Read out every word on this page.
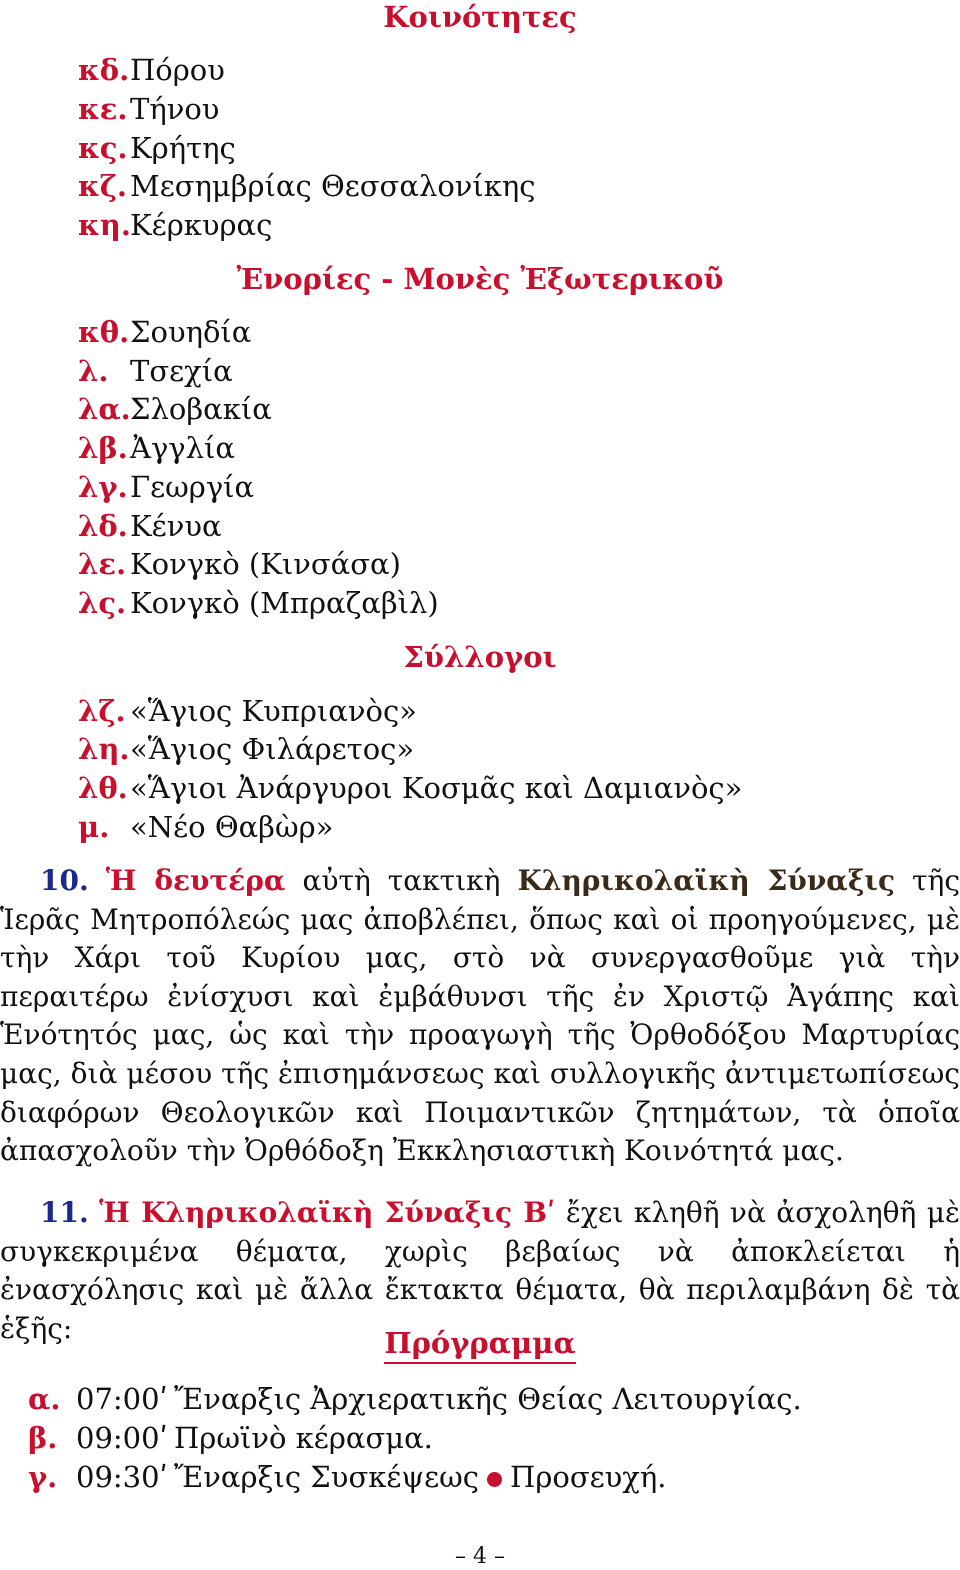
Κοινότητες
κδ.Πόρου
κε.Τήνου
κς.Κρήτης
κζ. Μεσημβρίας Θεσσαλονίκης
κη.Κέρκυρας
Ἐνορίες - Μονὲς Ἐξωτερικοῦ
κθ.Σουηδία
λ. Τσεχία
λα.Σλοβακία
λβ.Ἀγγλία
λγ.Γεωργία
λδ.Κένυα
λε. Κονγκὸ (Κινσάσα)
λς. Κονγκὸ (Μπραζαβὶλ)
Σύλλογοι
λζ. «Ἅγιος Κυπριανὸς»
λη.«Ἅγιος Φιλάρετος»
λθ.«Ἅγιοι Ἀνάργυροι Κοσμᾶς καὶ Δαμιανὸς»
μ. «Νέο Θαβὼρ»

10. Ἡ δευτέρα αὐτὴ τακτικὴ Κληρικολαϊκὴ Σύναξις τῆς Ἱερᾶς Μητροπόλεώς μας ἀποβλέπει, ὅπως καὶ οἱ προηγούμενες, μὲ τὴν Χάρι τοῦ Κυρίου μας, στὸ νὰ συνεργασθοῦμε γιὰ τὴν περαιτέρω ἐνίσχυσι καὶ ἐμβάθυνσι τῆς ἐν Χριστῷ Ἀγάπης καὶ Ἑνότητός μας, ὡς καὶ τὴν προαγωγὴ τῆς Ὀρθοδόξου Μαρτυρίας μας, διὰ μέσου τῆς ἐπισημάνσεως καὶ συλλογικῆς ἀντιμετωπίσεως διαφόρων Θεολογικῶν καὶ Ποιμαντικῶν ζητημάτων, τὰ ὁποῖα ἀπασχολοῦν τὴν Ὀρθόδοξη Ἐκκλησιαστικὴ Κοινότητά μας.

11. Ἡ Κληρικολαϊκὴ Σύναξις Βʹ ἔχει κληθῆ νὰ ἀσχοληθῆ μὲ συγκεκριμένα θέματα, χωρὶς βεβαίως νὰ ἀποκλείεται ἡ ἐνασχόλησις καὶ μὲ ἄλλα ἔκτακτα θέματα, θὰ περιλαμβάνη δὲ τὰ ἑξῆς:	Πρόγραμμα
α. 07:00ʹ Ἔναρξις Ἀρχιερατικῆς Θείας Λειτουργίας.
β. 09:00ʹ Πρωϊνὸ κέρασμα.
γ. 09:30ʹ Ἔναρξις Συσκέψεως Προσευχή.
– 4 –
